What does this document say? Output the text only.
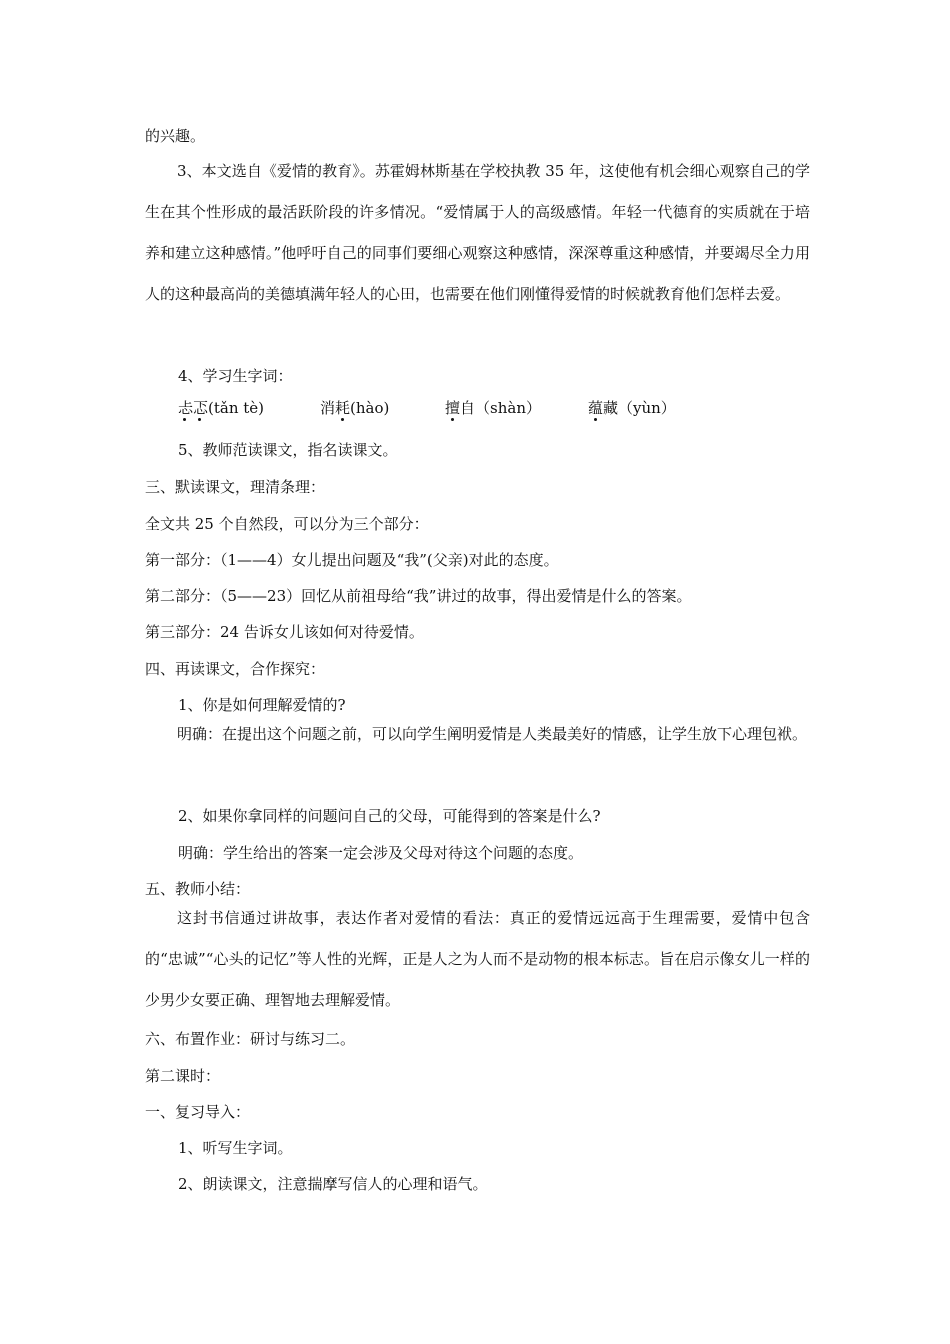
的兴趣。

3、本文选自《爱情的教育》。苏霍姆林斯基在学校执教 35 年，这使他有机会细心观察自己的学生在其个性形成的最活跃阶段的许多情况。“爱情属于人的高级感情。年轻一代德育的实质就在于培养和建立这种感情。”他呼吁自己的同事们要细心观察这种感情，深深尊重这种感情，并要竭尽全力用人的这种最高尚的美德填满年轻人的心田，也需要在他们刚懂得爱情的时候就教育他们怎样去爱。

4、学习生字词：
忐忑(tǎn tè)	消耗(hào)	擅自（shàn）	蕴藏（yùn）
5、教师范读课文，指名读课文。
三、默读课文，理清条理：
全文共 25 个自然段，可以分为三个部分：
第一部分：（1——4）女儿提出问题及“我”(父亲)对此的态度。
第二部分：（5——23）回忆从前祖母给“我”讲过的故事，得出爱情是什么的答案。
第三部分：24 告诉女儿该如何对待爱情。
四、再读课文，合作探究：
1、你是如何理解爱情的?

明确：在提出这个问题之前，可以向学生阐明爱情是人类最美好的情感，让学生放下心理包袱。

2、如果你拿同样的问题问自己的父母，可能得到的答案是什么?
明确：学生给出的答案一定会涉及父母对待这个问题的态度。
五、教师小结：

这封书信通过讲故事，表达作者对爱情的看法：真正的爱情远远高于生理需要，爱情中包含的“忠诚”“心头的记忆”等人性的光辉，正是人之为人而不是动物的根本标志。旨在启示像女儿一样的少男少女要正确、理智地去理解爱情。

六、布置作业：研讨与练习二。
第二课时：
一、复习导入：
1、听写生字词。
2、朗读课文，注意揣摩写信人的心理和语气。
